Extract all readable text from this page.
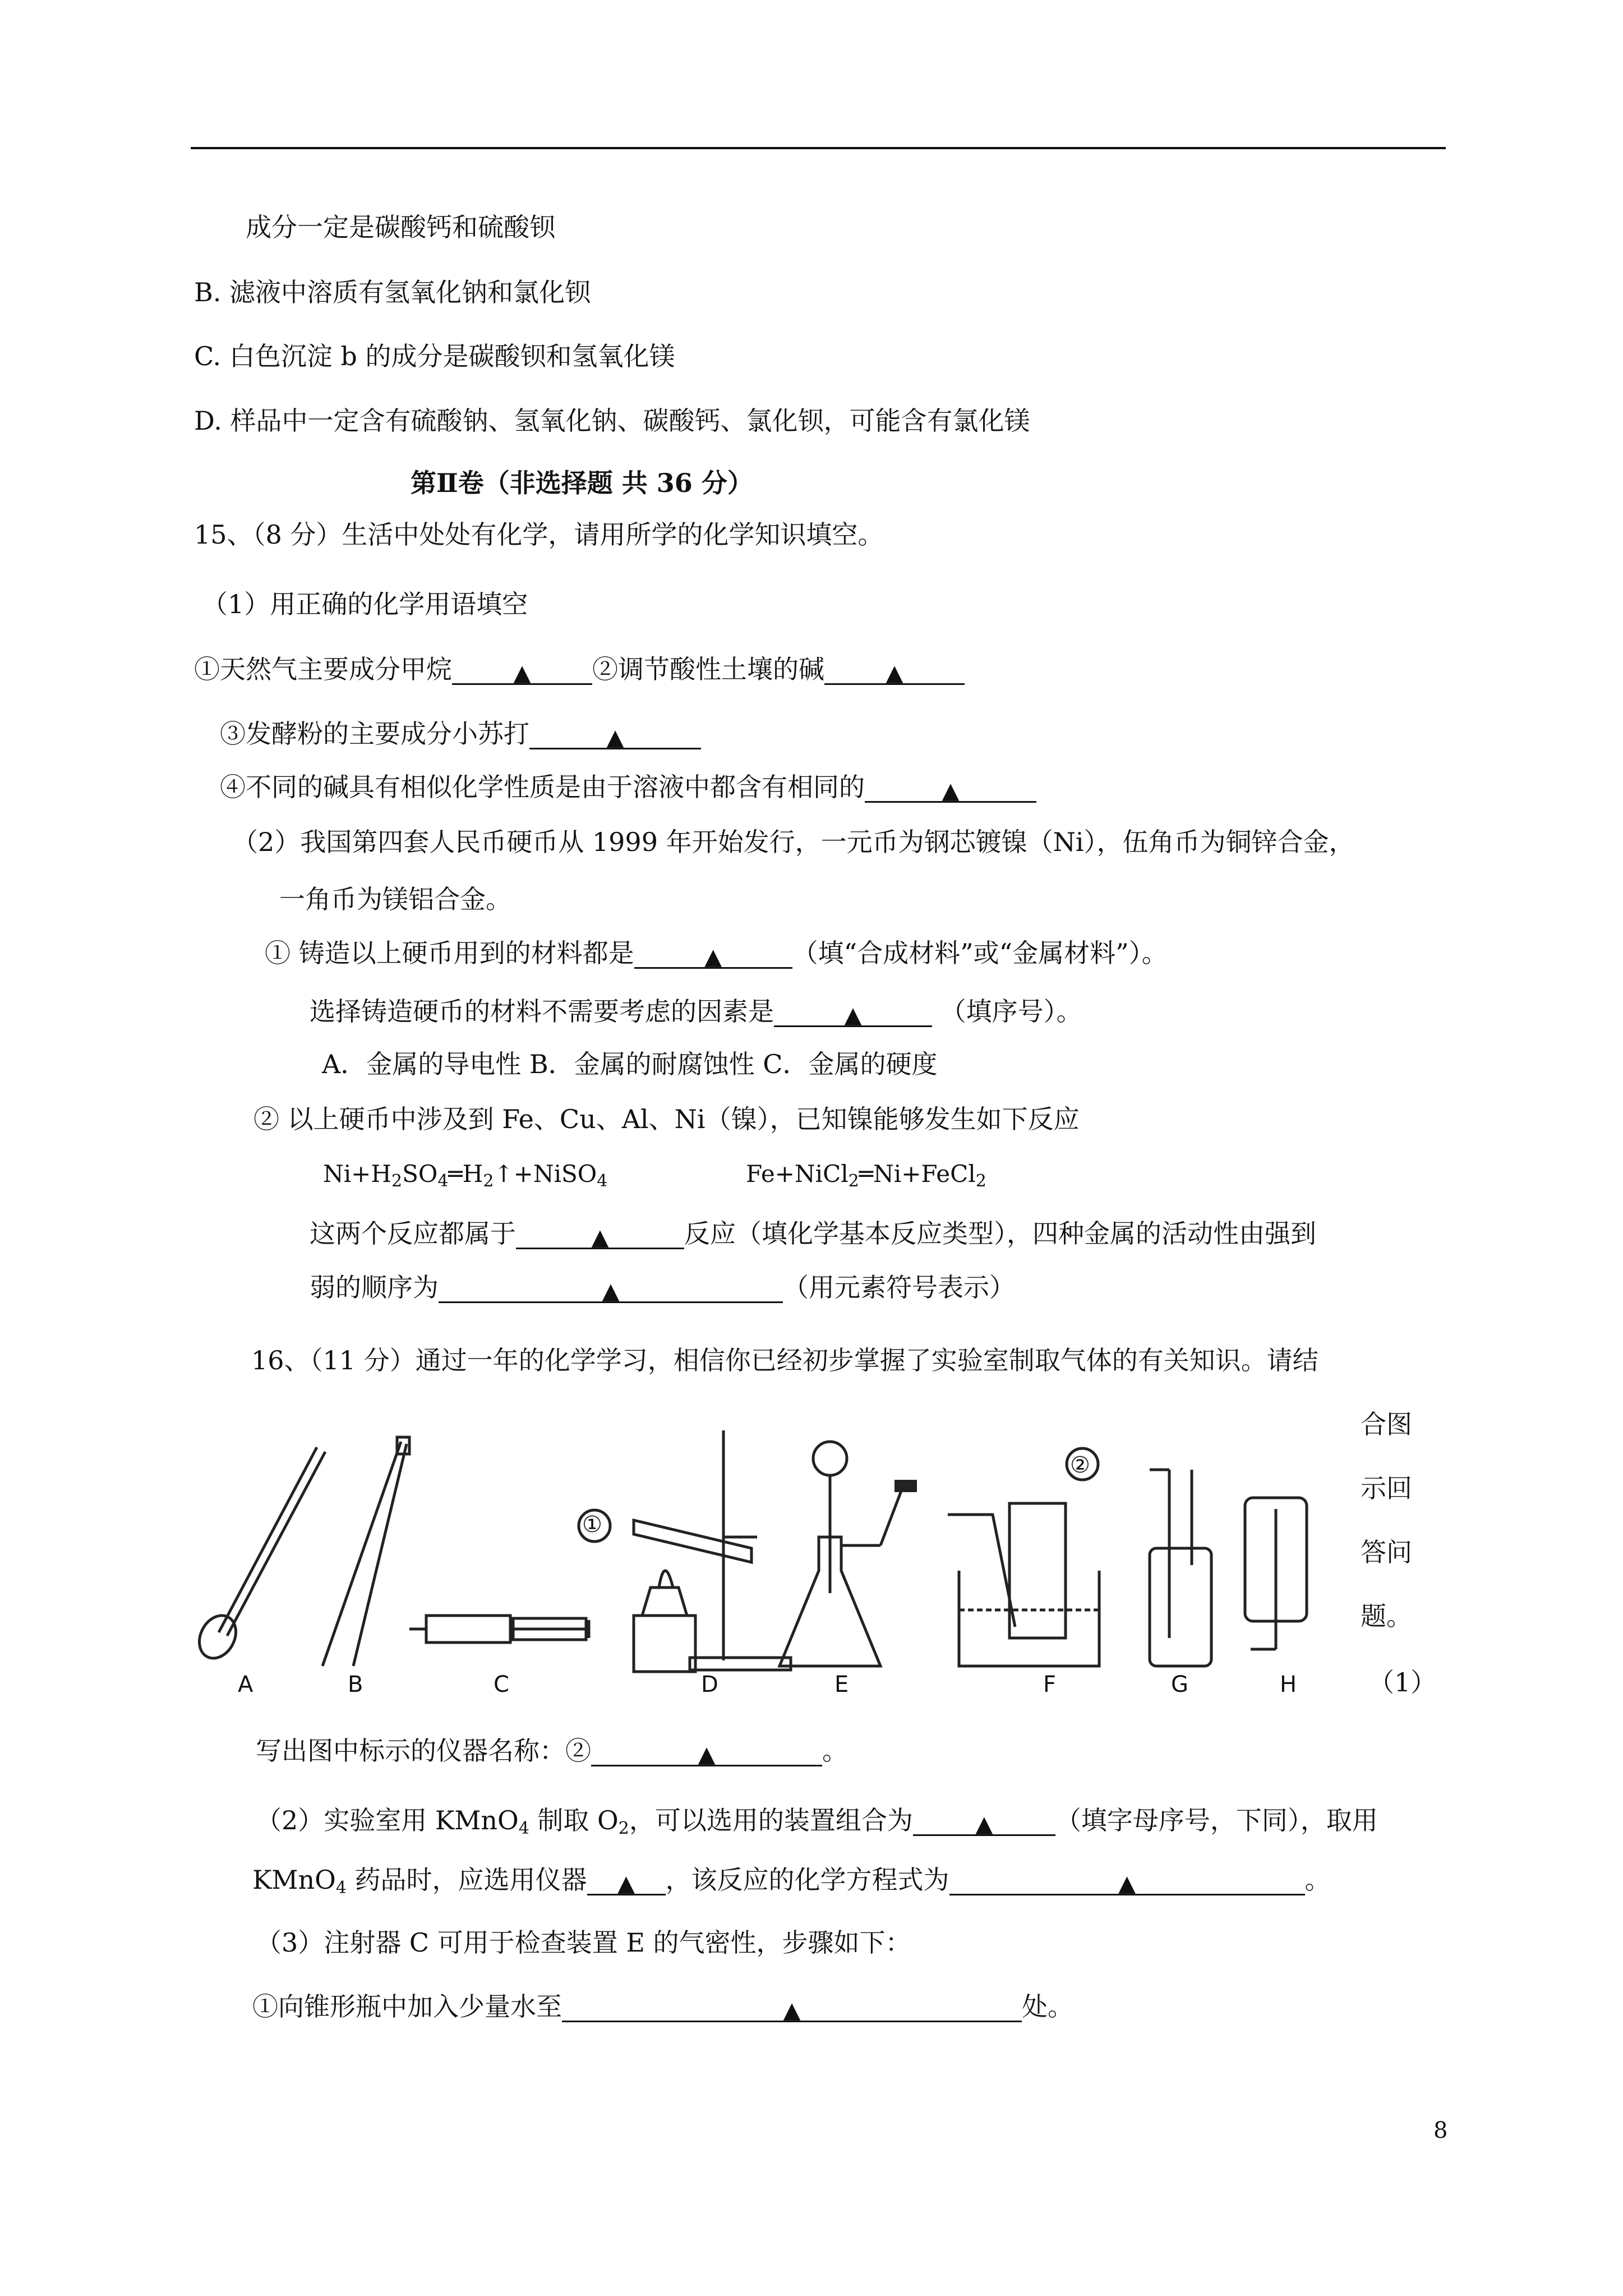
成分一定是碳酸钙和硫酸钡
B. 滤液中溶质有氢氧化钠和氯化钡
C. 白色沉淀 b 的成分是碳酸钡和氢氧化镁
D. 样品中一定含有硫酸钠、氢氧化钠、碳酸钙、氯化钡，可能含有氯化镁
第Ⅱ卷（非选择题 共 36 分）
15、（8 分）生活中处处有化学，请用所学的化学知识填空。
（1）用正确的化学用语填空
①天然气主要成分甲烷	▲ ②调节酸性土壤的碱	▲
③发酵粉的主要成分小苏打	▲
④不同的碱具有相似化学性质是由于溶液中都含有相同的	▲
（2）我国第四套人民币硬币从 1999 年开始发行，一元币为钢芯镀镍（Ni），伍角币为铜锌合金，
一角币为镁铝合金。
① 铸造以上硬币用到的材料都是	▲	（填“合成材料”或“金属材料”）。
选择铸造硬币的材料不需要考虑的因素是	▲	（填序号）。
A．金属的导电性 B．金属的耐腐蚀性 C．金属的硬度
② 以上硬币中涉及到 Fe、Cu、Al、Ni（镍），已知镍能够发生如下反应
$Ni+H_2SO_4═H_2↑+NiSO_4$	Fe+NiCl$_2$═Ni+FeCl$_2$
这两个反应都属于	▲	反应（填化学基本反应类型），四种金属的活动性由强到
弱的顺序为	▲	（用元素符号表示）
16、（11 分）通过一年的化学学习，相信你已经初步掌握了实验室制取气体的有关知识。请结
合图
示回
答问
题。
（1）
①
②
A	B	C	D	E	F	G	H
写出图中标示的仪器名称：②	▲	。
（2）实验室用 KMnO$_4$ 制取 $O_2$，可以选用的装置组合为	▲ （填字母序号，下同），取用
KMnO$_4$ 药品时，应选用仪器 ▲ ，该反应的化学方程式为	▲	。
（3）注射器 C 可用于检查装置 E 的气密性，步骤如下：
①向锥形瓶中加入少量水至	▲	处。
8
